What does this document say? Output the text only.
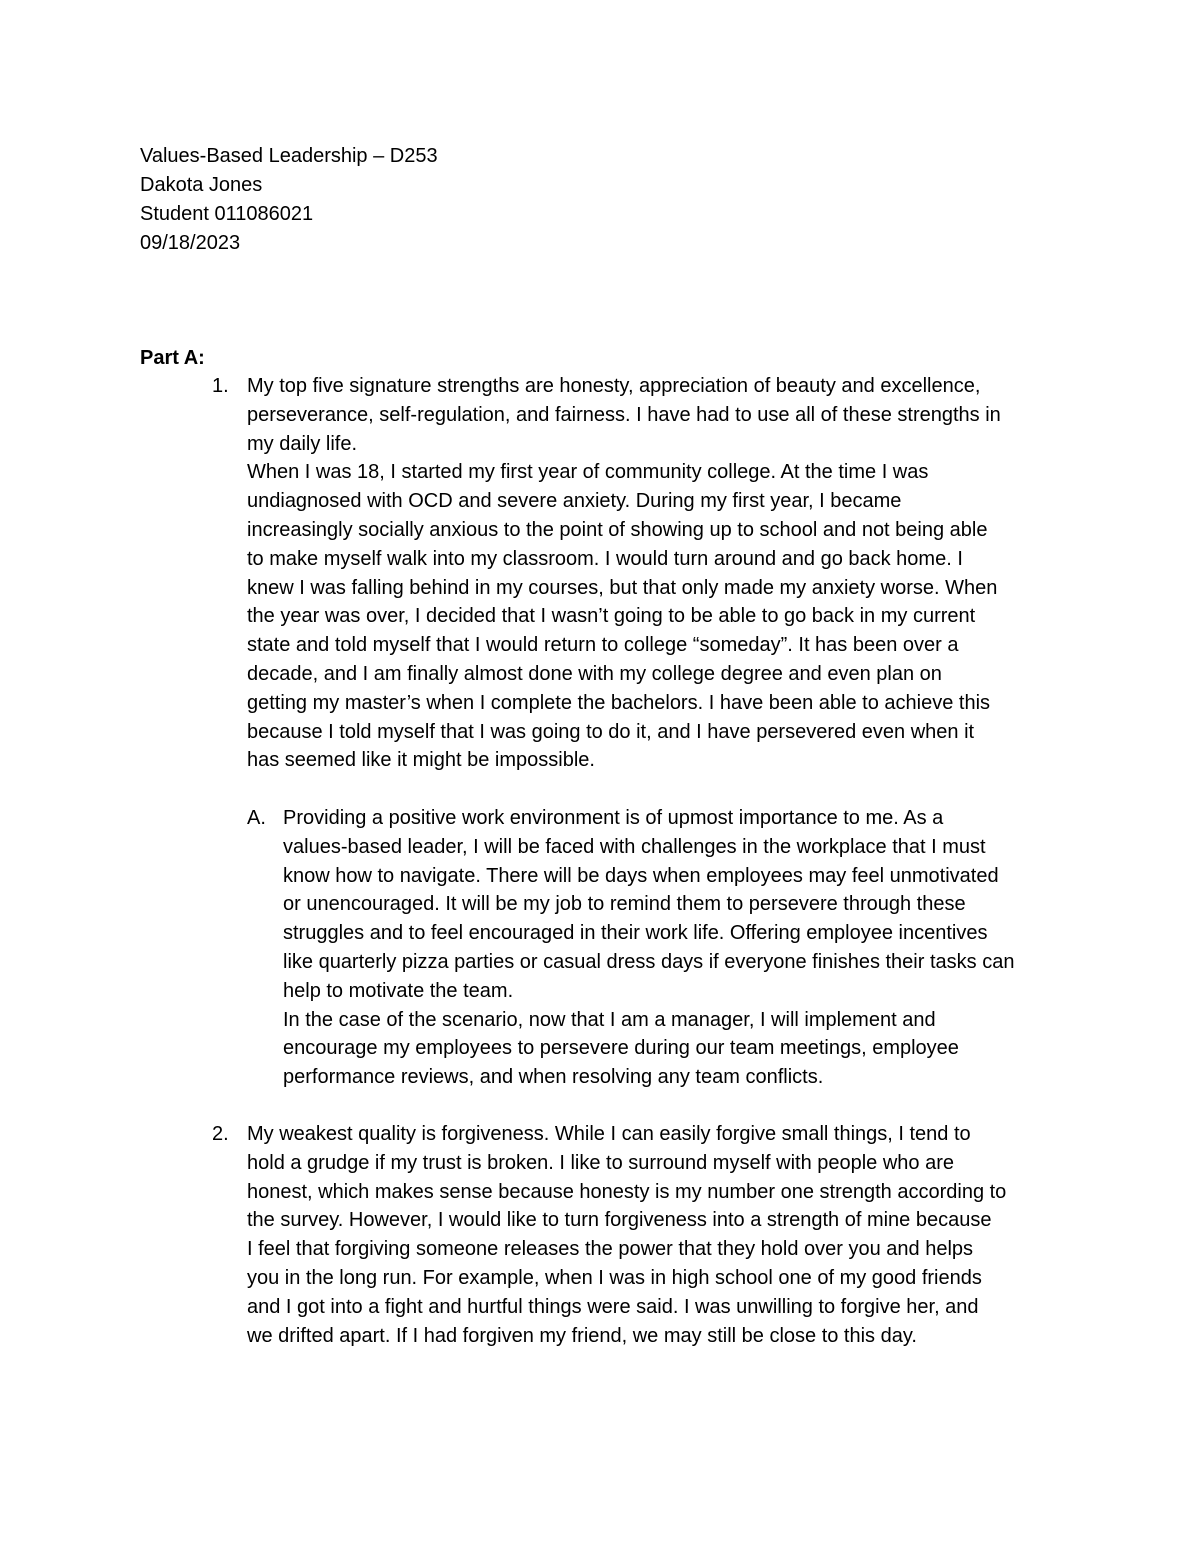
Values-Based Leadership – D253
Dakota Jones
Student 011086021
09/18/2023
Part A:
1. My top five signature strengths are honesty, appreciation of beauty and excellence,
perseverance, self-regulation, and fairness. I have had to use all of these strengths in
my daily life.
When I was 18, I started my first year of community college. At the time I was
undiagnosed with OCD and severe anxiety. During my first year, I became
increasingly socially anxious to the point of showing up to school and not being able
to make myself walk into my classroom. I would turn around and go back home. I
knew I was falling behind in my courses, but that only made my anxiety worse. When
the year was over, I decided that I wasn’t going to be able to go back in my current
state and told myself that I would return to college “someday”. It has been over a
decade, and I am finally almost done with my college degree and even plan on
getting my master’s when I complete the bachelors. I have been able to achieve this
because I told myself that I was going to do it, and I have persevered even when it
has seemed like it might be impossible.
A. Providing a positive work environment is of upmost importance to me. As a
values-based leader, I will be faced with challenges in the workplace that I must
know how to navigate. There will be days when employees may feel unmotivated
or unencouraged. It will be my job to remind them to persevere through these
struggles and to feel encouraged in their work life. Offering employee incentives
like quarterly pizza parties or casual dress days if everyone finishes their tasks can
help to motivate the team.
In the case of the scenario, now that I am a manager, I will implement and
encourage my employees to persevere during our team meetings, employee
performance reviews, and when resolving any team conflicts.
2. My weakest quality is forgiveness. While I can easily forgive small things, I tend to
hold a grudge if my trust is broken. I like to surround myself with people who are
honest, which makes sense because honesty is my number one strength according to
the survey. However, I would like to turn forgiveness into a strength of mine because
I feel that forgiving someone releases the power that they hold over you and helps
you in the long run. For example, when I was in high school one of my good friends
and I got into a fight and hurtful things were said. I was unwilling to forgive her, and
we drifted apart. If I had forgiven my friend, we may still be close to this day.
